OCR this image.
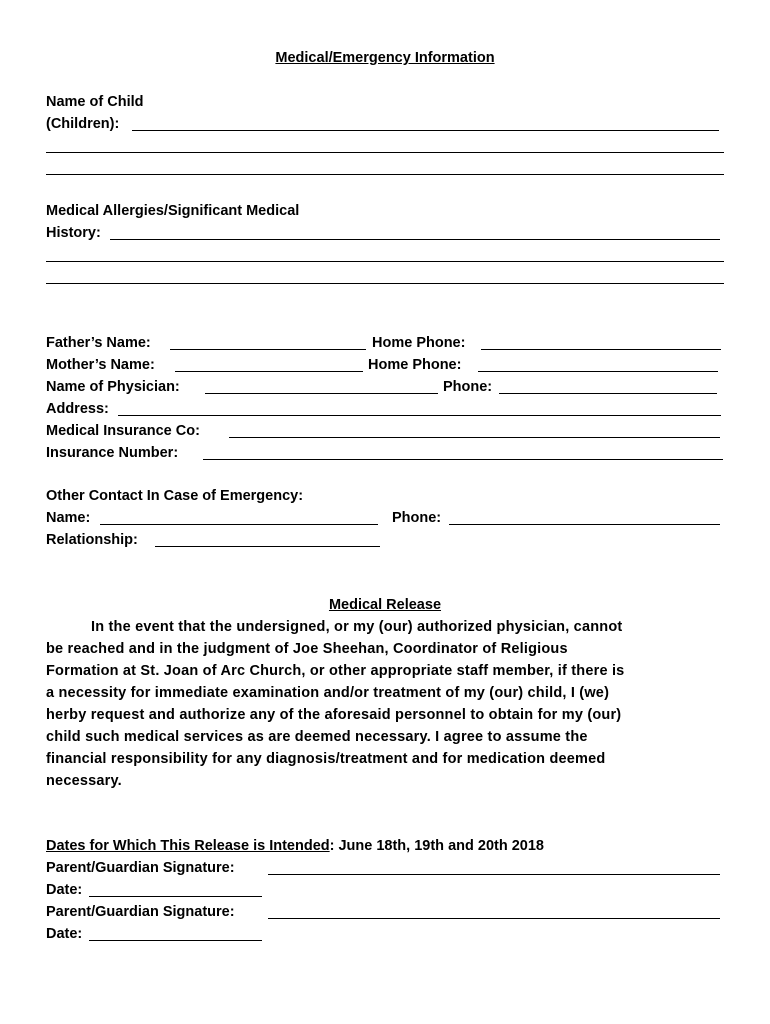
Medical/Emergency Information
Name of Child
(Children):
Medical Allergies/Significant Medical
History:
Father’s Name:	Home Phone:
Mother’s Name:	Home Phone:
Name of Physician:	Phone:
Address:
Medical Insurance Co:
Insurance Number:
Other Contact In Case of Emergency:
Name:	Phone:
Relationship:
Medical Release
In the event that the undersigned, or my (our) authorized physician, cannot
be reached and in the judgment of Joe Sheehan, Coordinator of Religious
Formation at St. Joan of Arc Church, or other appropriate staff member, if there is
a necessity for immediate examination and/or treatment of my (our) child, I (we)
herby request and authorize any of the aforesaid personnel to obtain for my (our)
child such medical services as are deemed necessary. I agree to assume the
financial responsibility for any diagnosis/treatment and for medication deemed
necessary.
Dates for Which This Release is Intended: June 18th, 19th and 20th 2018
Parent/Guardian Signature:
Date:
Parent/Guardian Signature:
Date:
